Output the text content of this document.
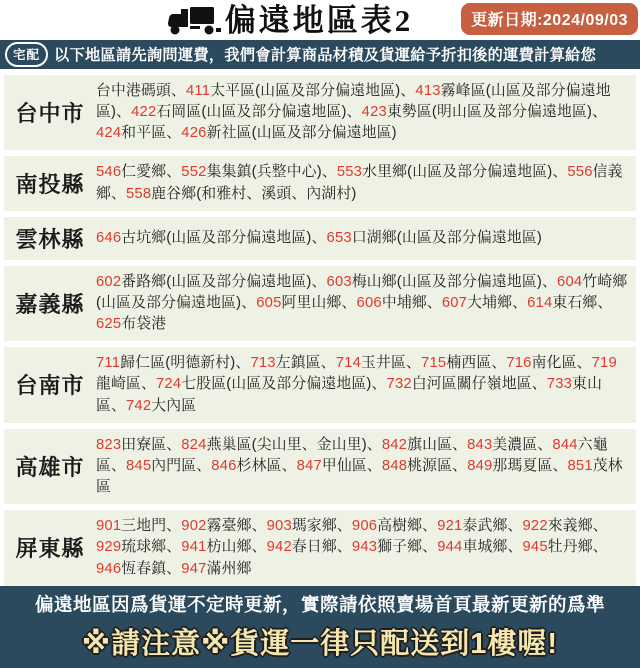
偏遠地區表2	更新日期:2024/09/03
宅配 以下地區請先詢問運費，我們會計算商品材積及貨運給予折扣後的運費計算給您
台中市
台中港碼頭、411太平區(山區及部分偏遠地區)、413霧峰區(山區及部分偏遠地區)、422石岡區(山區及部分偏遠地區)、423東勢區(明山區及部分偏遠地區)、424和平區、426新社區(山區及部分偏遠地區)
南投縣 546仁愛鄉、552集集鎮(兵整中心)、553水里鄉(山區及部分偏遠地區)、556信義鄉、558鹿谷鄉(和雅村、溪頭、內湖村)
雲林縣 646古坑鄉(山區及部分偏遠地區)、653口湖鄉(山區及部分偏遠地區)
嘉義縣
602番路鄉(山區及部分偏遠地區)、603梅山鄉(山區及部分偏遠地區)、604竹崎鄉(山區及部分偏遠地區)、605阿里山鄉、606中埔鄉、607大埔鄉、614東石鄉、625布袋港
台南市
711歸仁區(明德新村)、713左鎮區、714玉井區、715楠西區、716南化區、719龍崎區、724七股區(山區及部分偏遠地區)、732白河區關仔嶺地區、733東山區、742大內區
高雄市
823田寮區、824燕巢區(尖山里、金山里)、842旗山區、843美濃區、844六龜區、845內門區、846杉林區、847甲仙區、848桃源區、849那瑪夏區、851茂林區
屏東縣
901三地門、902霧臺鄉、903瑪家鄉、906高樹鄉、921泰武鄉、922來義鄉、929琉球鄉、941枋山鄉、942春日鄉、943獅子鄉、944車城鄉、945牡丹鄉、946恆春鎮、947滿州鄉
偏遠地區因爲貨運不定時更新，實際請依照賣場首頁最新更新的爲準
※請注意※貨運一律只配送到1樓喔!
